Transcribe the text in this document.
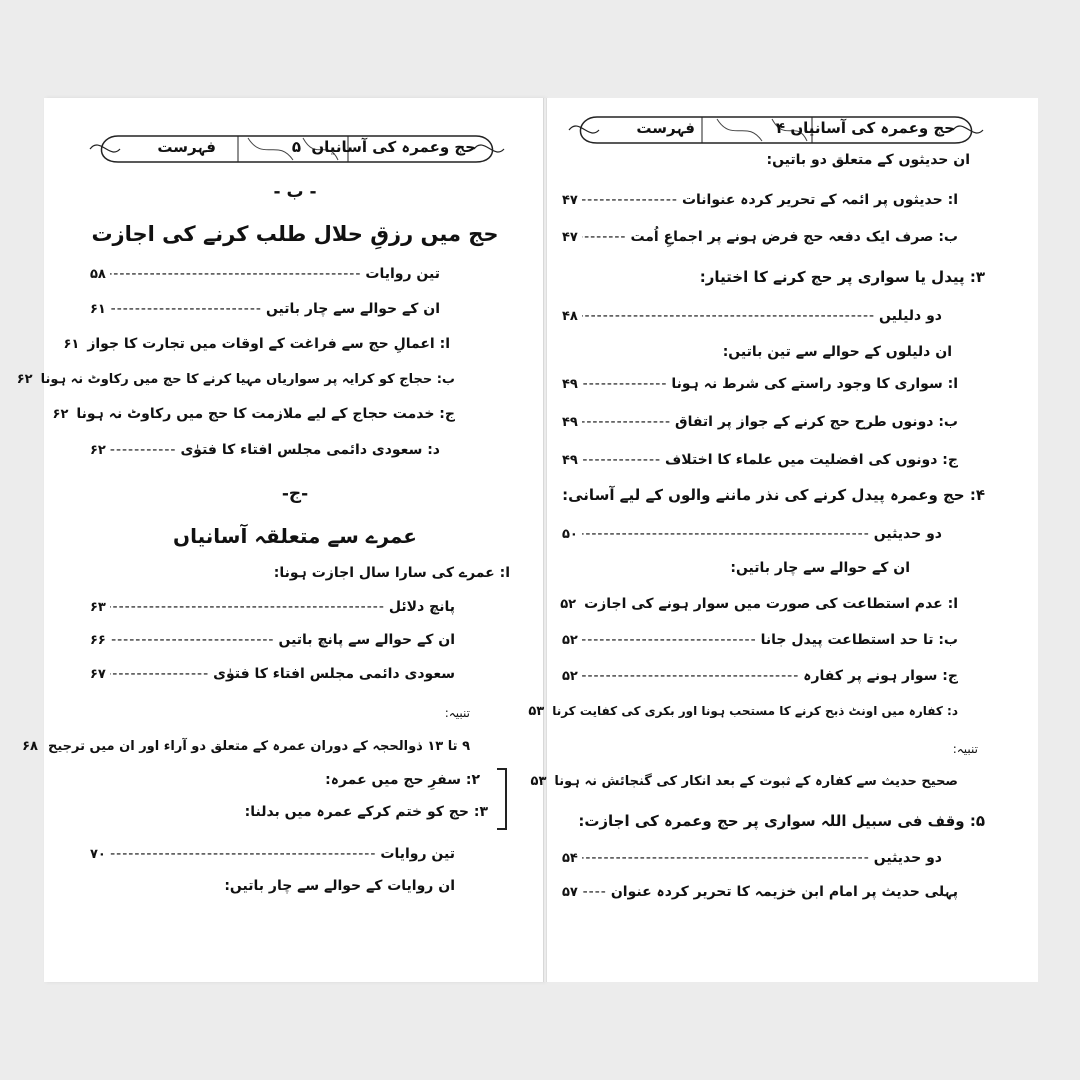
حج وعمرہ کی آسانیاں
۵
فہرست
حج وعمرہ کی آسانیاں
۴
فہرست
- ب -
حج میں رزقِ حلال طلب کرنے کی اجازت
تین روایات
-----
۵۸
ان کے حوالے سے چار باتیں
-----
۶۱
ا: اعمالِ حج سے فراغت کے اوقات میں تجارت کا جواز
۶۱
ب: حجاج کو کرایہ پر سواریاں مہیا کرنے کا حج میں رکاوٹ نہ ہونا
۶۲
ج: خدمت حجاج کے لیے ملازمت کا حج میں رکاوٹ نہ ہونا
۶۲
د: سعودی دائمی مجلس افتاء کا فتوٰی
-----
۶۲
-ج-
عمرے سے متعلقہ آسانیاں
ا: عمرے کی سارا سال اجازت ہونا:
پانچ دلائل
-----
۶۳
ان کے حوالے سے پانچ باتیں
-----
۶۶
سعودی دائمی مجلس افتاء کا فتوٰی
-----
۶۷
تنبیہ:
۹ تا ۱۳ ذوالحجہ کے دوران عمرہ کے متعلق دو آراء اور ان میں ترجیح
۶۸
۲: سفرِ حج میں عمرہ:
۳: حج کو ختم کرکے عمرہ میں بدلنا:
تین روایات
-----
۷۰
ان روایات کے حوالے سے چار باتیں:
ان حدیثوں کے متعلق دو باتیں:
ا: حدیثوں پر ائمہ کے تحریر کردہ عنوانات
-----
۴۷
ب: صرف ایک دفعہ حج فرض ہونے پر اجماعِ اُمت
-----
۴۷
۳: پیدل یا سواری پر حج کرنے کا اختیار:
دو دلیلیں
-----
۴۸
ان دلیلوں کے حوالے سے تین باتیں:
ا: سواری کا وجود راستے کی شرط نہ ہونا
-----
۴۹
ب: دونوں طرح حج کرنے کے جواز پر اتفاق
-----
۴۹
ج: دونوں کی افضلیت میں علماء کا اختلاف
-----
۴۹
۴: حج وعمرہ پیدل کرنے کی نذر ماننے والوں کے لیے آسانی:
دو حدیثیں
-----
۵۰
ان کے حوالے سے چار باتیں:
ا: عدم استطاعت کی صورت میں سوار ہونے کی اجازت
۵۲
ب: تا حد استطاعت پیدل جانا
-----
۵۲
ج: سوار ہونے پر کفارہ
-----
۵۲
د: کفارہ میں اونٹ ذبح کرنے کا مستحب ہونا اور بکری کی کفایت کرنا
۵۳
تنبیہ:
صحیح حدیث سے کفارہ کے ثبوت کے بعد انکار کی گنجائش نہ ہونا
۵۳
۵: وقف فی سبیل اللہ سواری پر حج وعمرہ کی اجازت:
دو حدیثیں
-----
۵۴
پہلی حدیث پر امام ابن خزیمہ کا تحریر کردہ عنوان
-----
۵۷
